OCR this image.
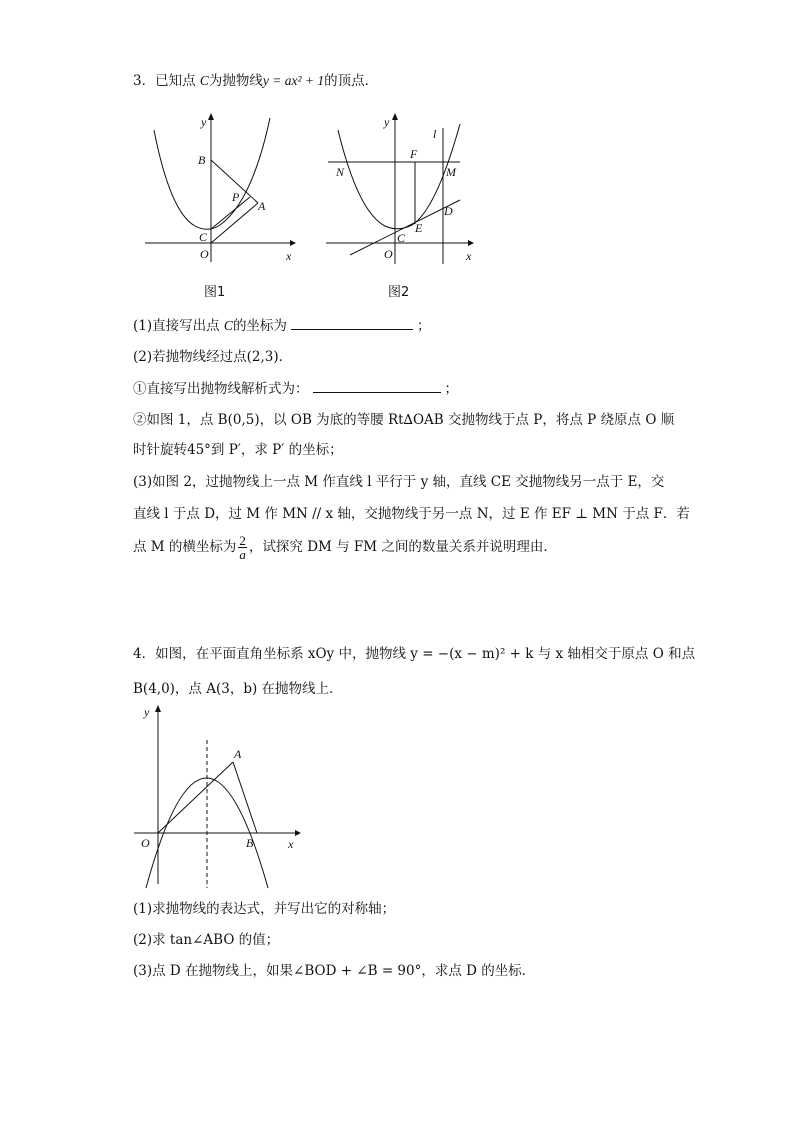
3．已知点 C为抛物线y = ax² + 1的顶点．
y
x
O
B
C
P
A
图1
y
x
O
C
E
F
N	M
D
l
图2
(1)直接写出点 C的坐标为	；
(2)若抛物线经过点(2,3)．
①直接写出抛物线解析式为：	；
②如图 1，点 B(0,5)，以 OB 为底的等腰 Rt∆OAB 交抛物线于点 P，将点 P 绕原点 O 顺
时针旋转45°到 P′，求 P′ 的坐标；
(3)如图 2，过抛物线上一点 M 作直线 l 平行于 y 轴，直线 CE 交抛物线另一点于 E，交
直线 l 于点 D，过 M 作 MN // x 轴，交抛物线于另一点 N，过 E 作 EF ⊥ MN 于点 F．若
点 M 的横坐标为 $\frac{2}{a}$ ，试探究 DM 与 FM 之间的数量关系并说明理由．
4．如图，在平面直角坐标系 xOy 中，抛物线 y = −(x − m)² + k 与 x 轴相交于原点 O 和点
B(4,0)，点 A(3，b) 在抛物线上．
y
x
O
A
B
(1)求抛物线的表达式，并写出它的对称轴；
(2)求 tan∠ABO 的值；
(3)点 D 在抛物线上，如果∠BOD + ∠B = 90°，求点 D 的坐标．
